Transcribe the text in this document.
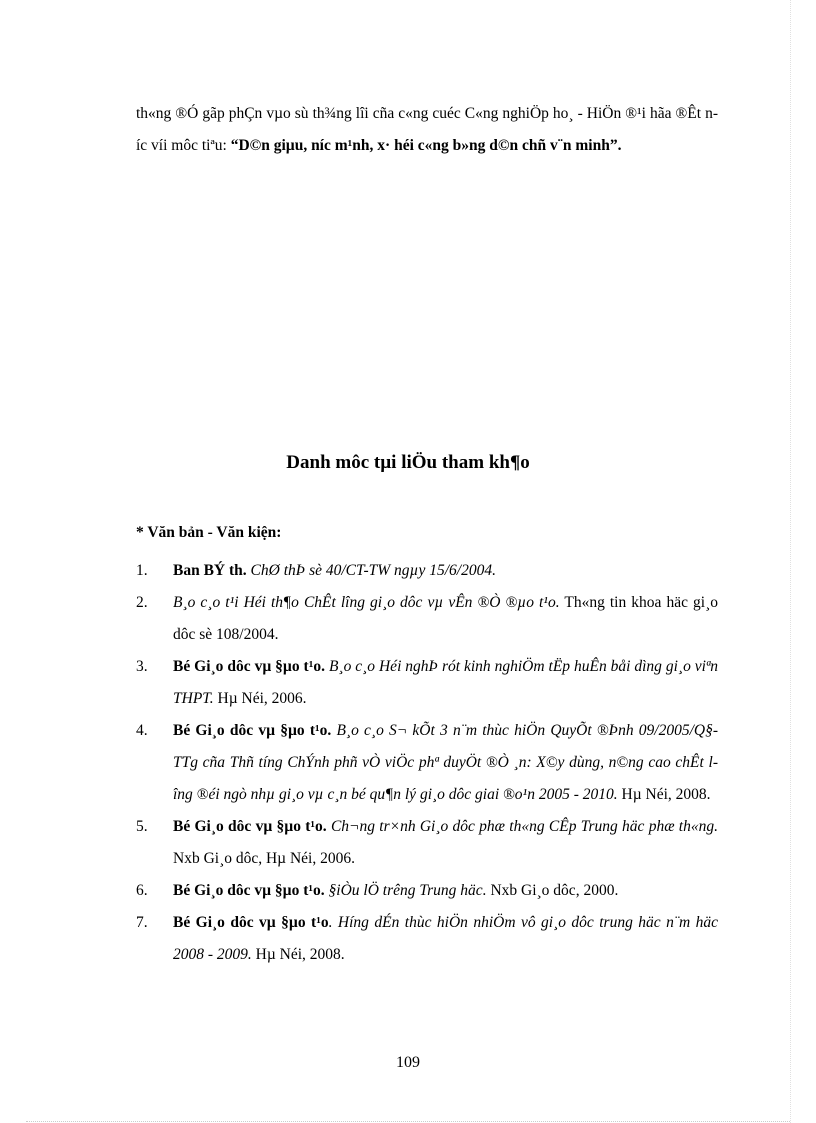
th«ng ®Ó gãp phÇn vµo sù th¾ng lîi cña c«ng cuéc C«ng nghiÖp ho¸ - HiÖn ®¹i hãa ®Êt níc víi môc tiªu: “D©n giµu, níc m¹nh, x· héi c«ng b»ng d©n chñ v¨n minh”.
Danh môc tµi liÖu tham kh¶o
* Văn bản - Văn kiện:
1. Ban BÝ th. ChØ thÞ sè 40/CT-TW ngµy 15/6/2004.
2. B¸o c¸o t¹i Héi th¶o ChÊt lîng gi¸o dôc vµ vÊn ®Ò ®µo t¹o. Th«ng tin khoa häc gi¸o dôc sè 108/2004.
3. Bé Gi¸o dôc vµ §µo t¹o. B¸o c¸o Héi nghÞ rót kinh nghiÖm tËp huÊn båi dìng gi¸o viªn THPT. Hµ Néi, 2006.
4. Bé Gi¸o dôc vµ §µo t¹o. B¸o c¸o S¬ kÕt 3 n¨m thùc hiÖn QuyÕt ®Þnh 09/2005/Q§-TTg cña Thñ tíng ChÝnh phñ vÒ viÖc phª duyÖt ®Ò ¸n: X©y dùng, n©ng cao chÊt lîng ®éi ngò nhµ gi¸o vµ c¸n bé qu¶n lý gi¸o dôc giai ®o¹n 2005 - 2010. Hµ Néi, 2008.
5. Bé Gi¸o dôc vµ §µo t¹o. Ch¬ng tr×nh Gi¸o dôc phæ th«ng CÊp Trung häc phæ th«ng. Nxb Gi¸o dôc, Hµ Néi, 2006.
6. Bé Gi¸o dôc vµ §µo t¹o. §iÒu lÖ trêng Trung häc. Nxb Gi¸o dôc, 2000.
7. Bé Gi¸o dôc vµ §µo t¹o. Híng dÉn thùc hiÖn nhiÖm vô gi¸o dôc trung häc n¨m häc 2008 - 2009. Hµ Néi, 2008.
109
